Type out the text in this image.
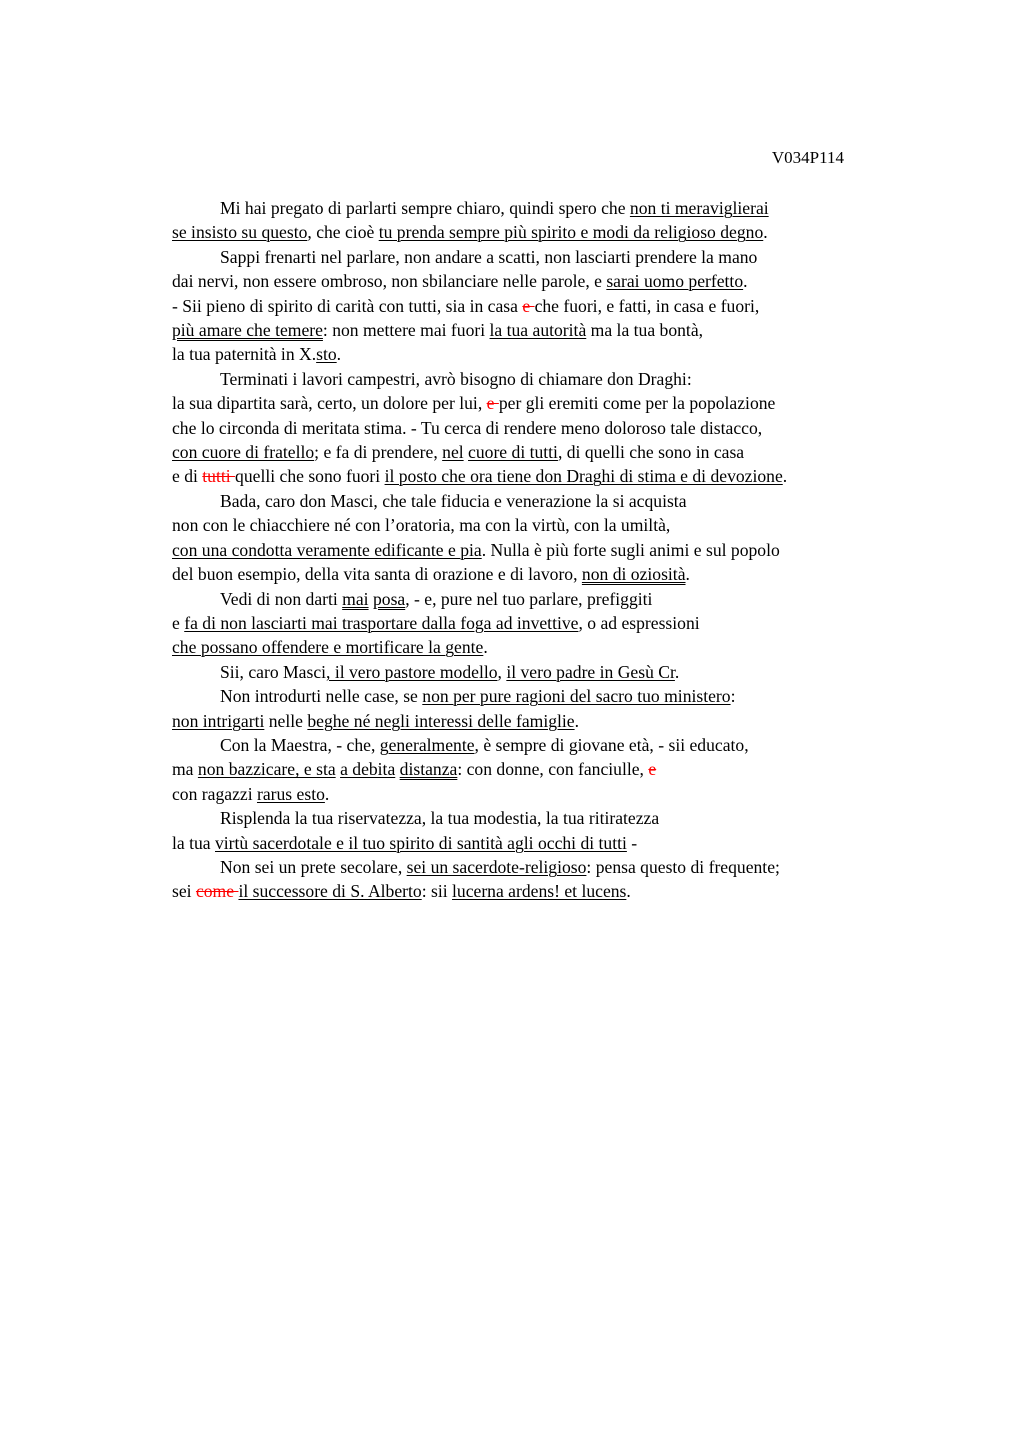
V034P114
Mi hai pregato di parlarti sempre chiaro, quindi spero che non ti meraviglierai
se insisto su questo, che cioè tu prenda sempre più spirito e modi da religioso degno.
Sappi frenarti nel parlare, non andare a scatti, non lasciarti prendere la mano
dai nervi, non essere ombroso, non sbilanciare nelle parole, e sarai uomo perfetto.
- Sii pieno di spirito di carità con tutti, sia in casa e che fuori, e fatti, in casa e fuori,
più amare che temere: non mettere mai fuori la tua autorità ma la tua bontà,
la tua paternità in X.sto.
Terminati i lavori campestri, avrò bisogno di chiamare don Draghi:
la sua dipartita sarà, certo, un dolore per lui, e per gli eremiti come per la popolazione
che lo circonda di meritata stima. - Tu cerca di rendere meno doloroso tale distacco,
con cuore di fratello; e fa di prendere, nel cuore di tutti, di quelli che sono in casa
e di tutti quelli che sono fuori il posto che ora tiene don Draghi di stima e di devozione.
Bada, caro don Masci, che tale fiducia e venerazione la si acquista
non con le chiacchiere né con l’oratoria, ma con la virtù, con la umiltà,
con una condotta veramente edificante e pia. Nulla è più forte sugli animi e sul popolo
del buon esempio, della vita santa di orazione e di lavoro, non di oziosità.
Vedi di non darti mai posa, - e, pure nel tuo parlare, prefiggiti
e fa di non lasciarti mai trasportare dalla foga ad invettive, o ad espressioni
che possano offendere e mortificare la gente.
Sii, caro Masci, il vero pastore modello, il vero padre in Gesù Cr.
Non introdurti nelle case, se non per pure ragioni del sacro tuo ministero:
non intrigarti nelle beghe né negli interessi delle famiglie.
Con la Maestra, - che, generalmente, è sempre di giovane età, - sii educato,
ma non bazzicare, e sta a debita distanza: con donne, con fanciulle, e
con ragazzi rarus esto.
Risplenda la tua riservatezza, la tua modestia, la tua ritiratezza
la tua virtù sacerdotale e il tuo spirito di santità agli occhi di tutti -
Non sei un prete secolare, sei un sacerdote-religioso: pensa questo di frequente;
sei come il successore di S. Alberto: sii lucerna ardens! et lucens.
